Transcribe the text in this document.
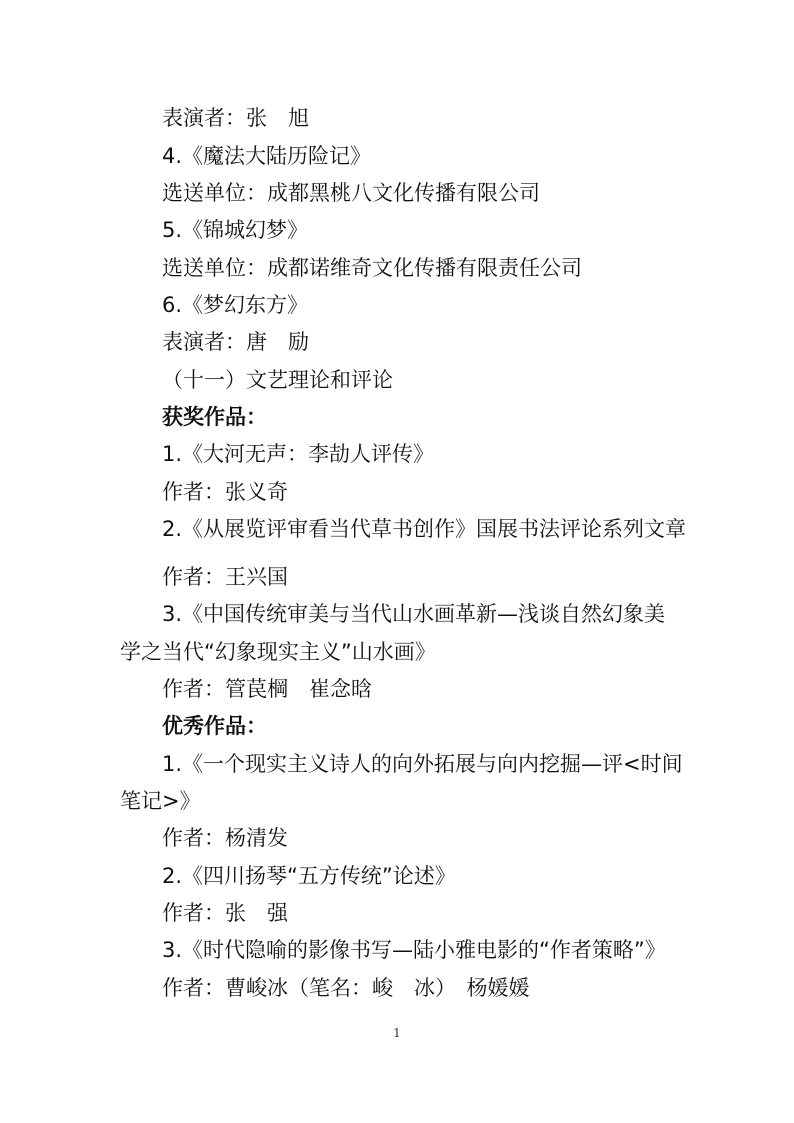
表演者：张　旭
4.《魔法大陆历险记》
选送单位：成都黑桃八文化传播有限公司
5.《锦城幻梦》
选送单位：成都诺维奇文化传播有限责任公司
6.《梦幻东方》
表演者：唐　励
（十一）文艺理论和评论
获奖作品：
1.《大河无声：李劼人评传》
作者：张义奇
2.《从展览评审看当代草书创作》国展书法评论系列文章
作者：王兴国
3.《中国传统审美与当代山水画革新—浅谈自然幻象美
学之当代“幻象现实主义”山水画》
作者：管苠棡　崔念晗
优秀作品：
1.《一个现实主义诗人的向外拓展与向内挖掘—评<时间
笔记>》
作者：杨清发
2.《四川扬琴“五方传统”论述》
作者：张　强
3.《时代隐喻的影像书写—陆小雅电影的“作者策略”》
作者：曹峻冰（笔名：峻　冰）　杨媛媛
1
